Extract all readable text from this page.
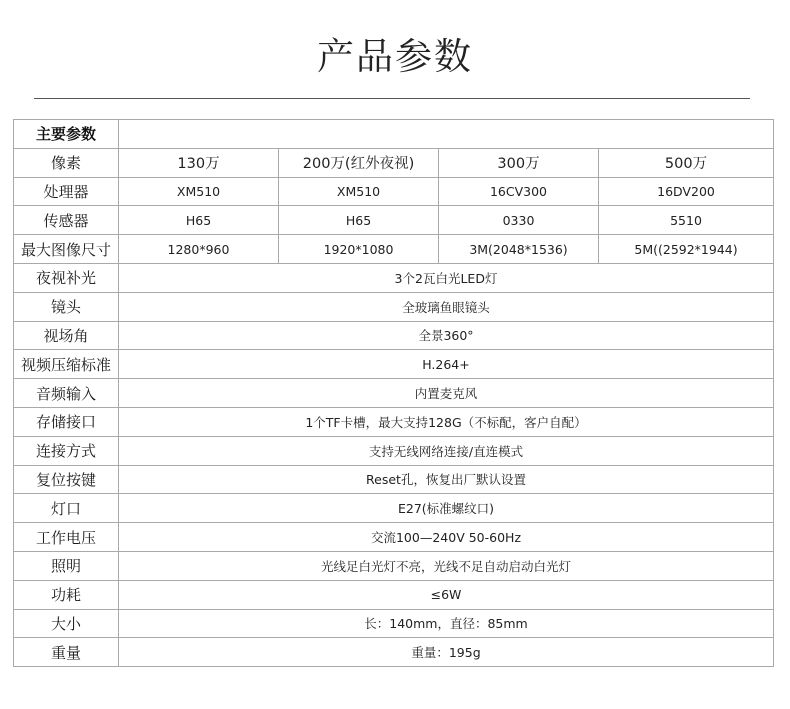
产品参数
主要参数				
像素	130万	200万(红外夜视)	300万	500万
处理器	XM510	XM510	16CV300	16DV200
传感器	H65	H65	0330	5510
最大图像尺寸	1280*960	1920*1080	3M(2048*1536)	5M((2592*1944)
夜视补光	3个2瓦白光LED灯			
镜头	全玻璃鱼眼镜头			
视场角	全景360°			
视频压缩标准	H.264+			
音频输入	内置麦克风			
存储接口	1个TF卡槽，最大支持128G（不标配，客户自配）			
连接方式	支持无线网络连接/直连模式			
复位按键	Reset孔，恢复出厂默认设置			
灯口	E27(标准螺纹口)			
工作电压	交流100—240V 50-60Hz			
照明	光线足白光灯不亮，光线不足自动启动白光灯			
功耗	≤6W			
大小	长：140mm，直径：85mm			
重量	重量：195g			
